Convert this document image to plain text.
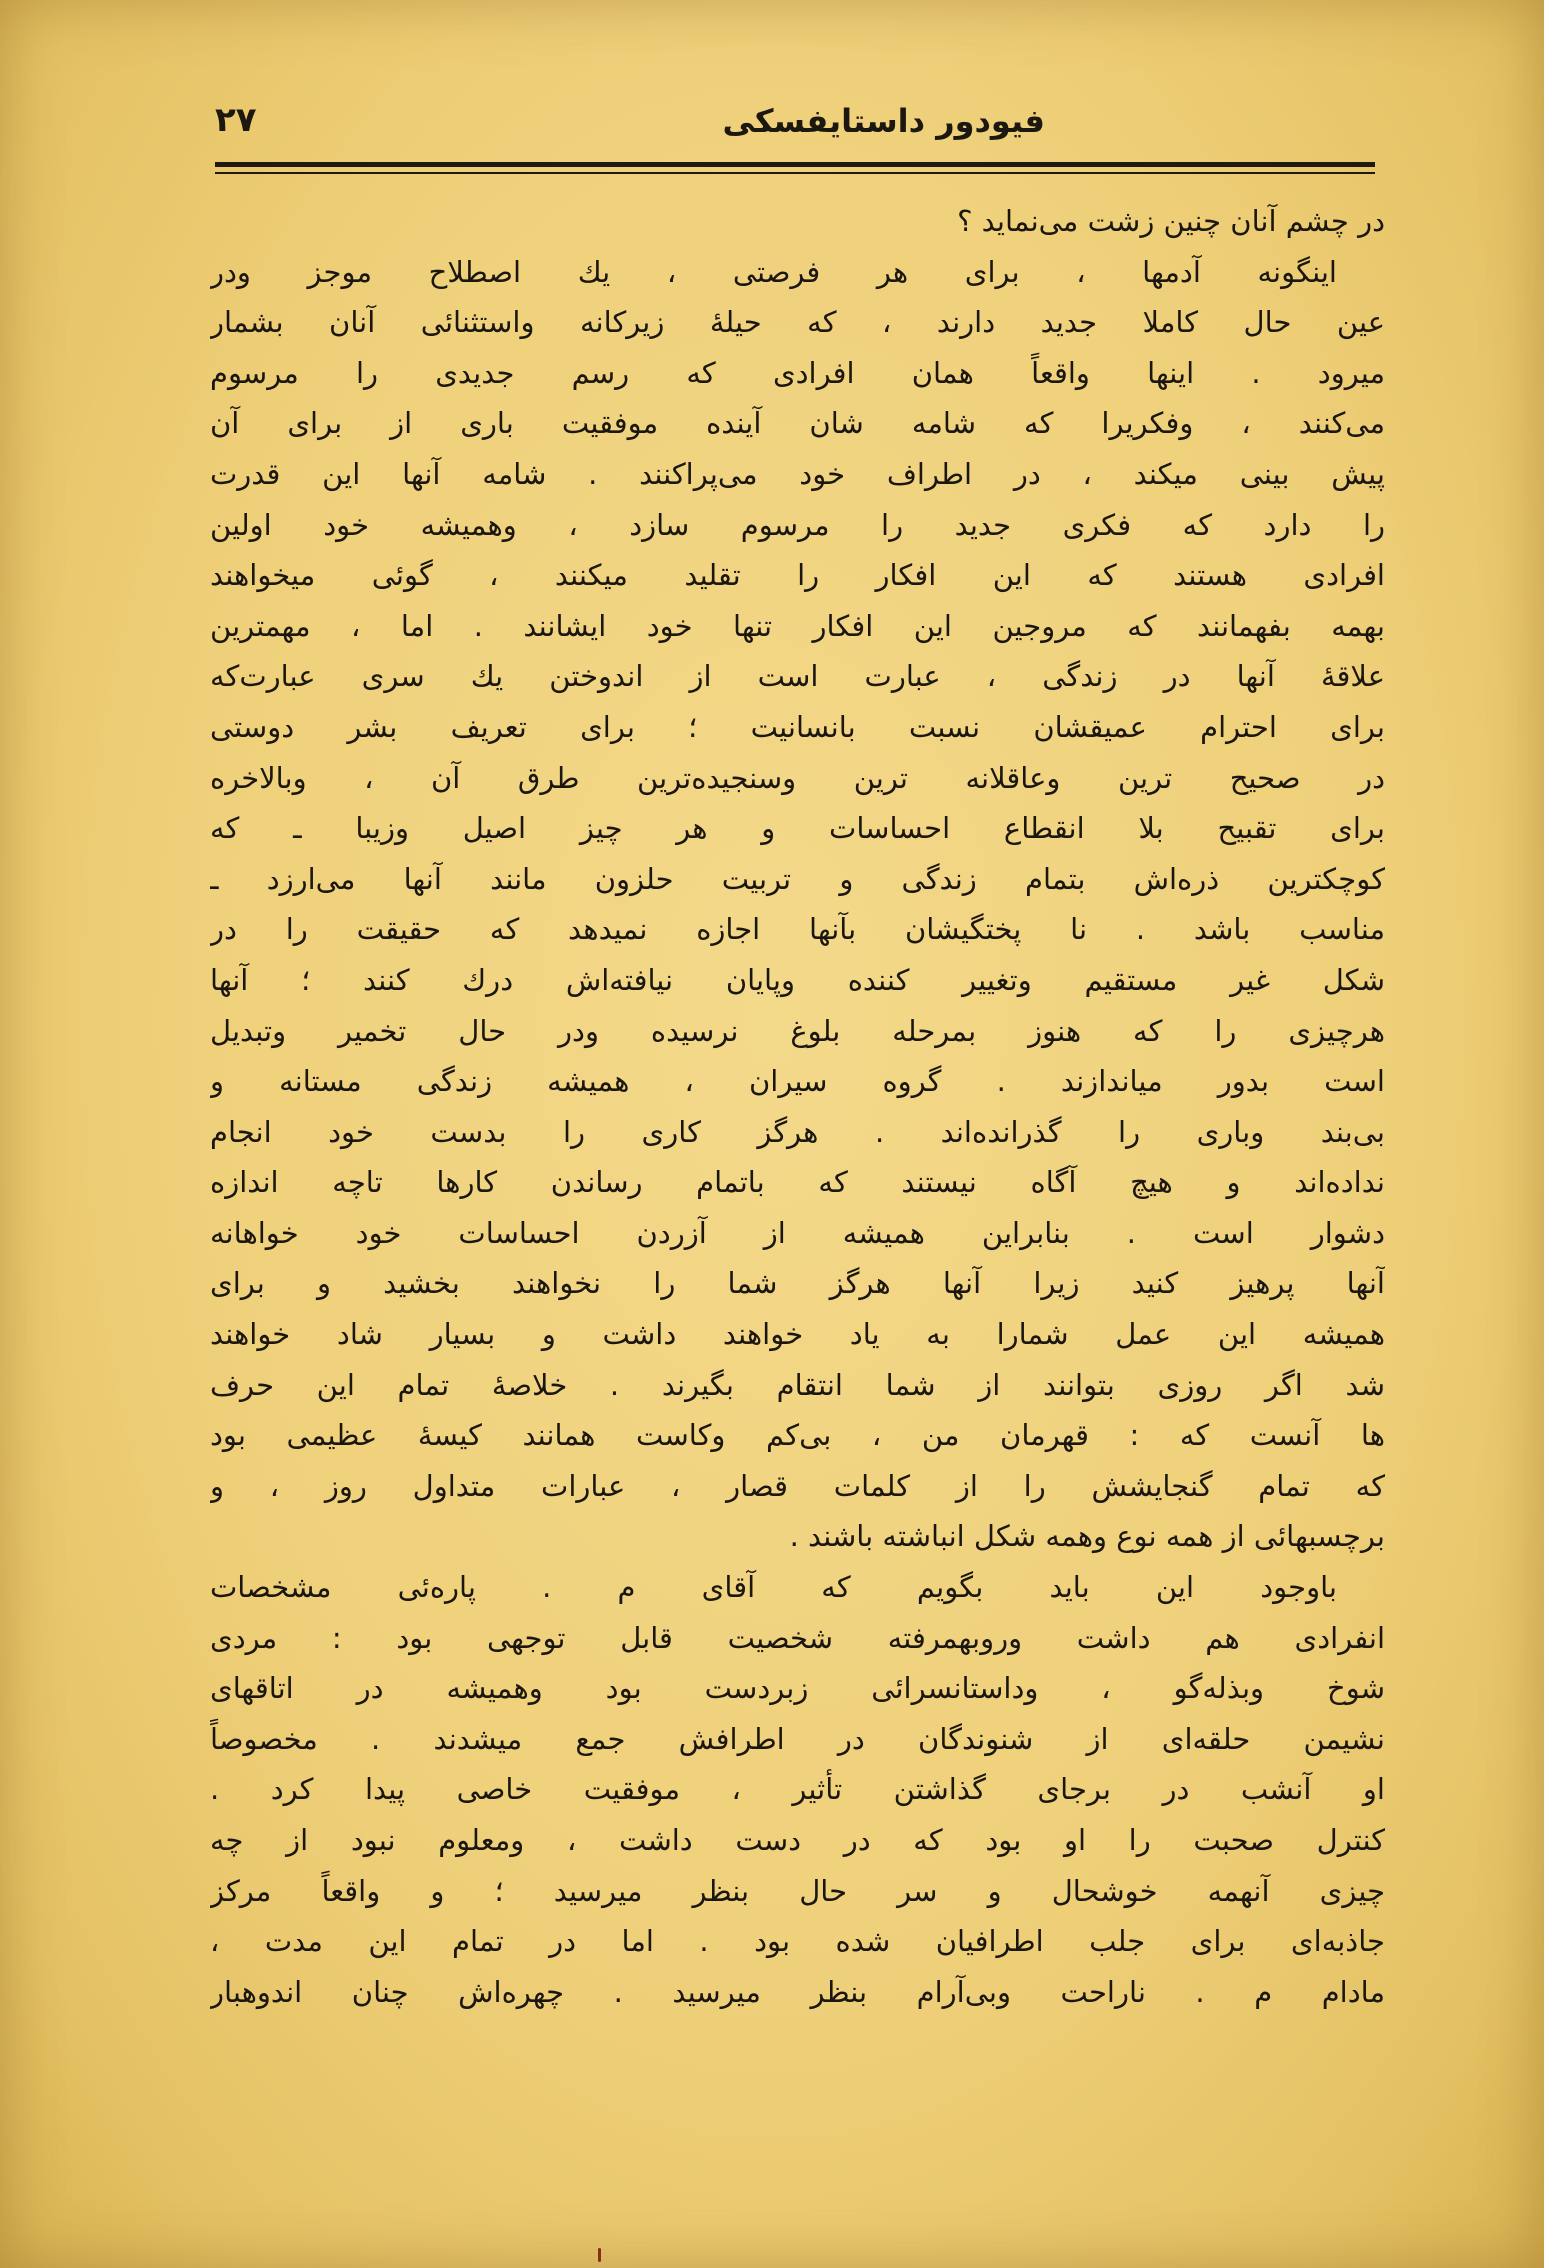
۲۷	فیودور داستایفسکی
در چشم آنان چنین زشت می‌نماید ؟
اینگونه آدمها ، برای هر فرصتی ، یك اصطلاح موجز ودر
عین حال کاملا جدید دارند ، که حیلهٔ زیرکانه واستثنائی آنان بشمار
میرود . اینها واقعاً همان افرادی که رسم جدیدی را مرسوم
می‌کنند ، وفکریرا که شامه شان آینده موفقیت باری از برای آن
پیش بینی میکند ، در اطراف خود می‌پراکنند . شامه آنها این قدرت
را دارد که فکری جدید را مرسوم سازد ، وهمیشه خود اولین
افرادی هستند که این افکار را تقلید میکنند ، گوئی میخواهند
بهمه بفهمانند که مروجین این افکار تنها خود ایشانند . اما ، مهمترین
علاقهٔ آنها در زندگی ، عبارت است از اندوختن یك سری عبارت‌که
برای احترام عمیقشان نسبت بانسانیت ؛ برای تعریف بشر دوستی
در صحیح ترین وعاقلانه ترین وسنجیده‌ترین طرق آن ، وبالاخره
برای تقبیح بلا انقطاع احساسات و هر چیز اصیل وزیبا ـ که
کوچکترین ذره‌اش بتمام زندگی و تربیت حلزون مانند آنها می‌ارزد ـ
مناسب باشد . نا پختگیشان بآنها اجازه نمیدهد که حقیقت را در
شکل غیر مستقیم وتغییر کننده وپایان نیافته‌اش درك کنند ؛ آنها
هرچیزی را که هنوز بمرحله بلوغ نرسیده ودر حال تخمیر وتبدیل
است بدور میاندازند . گروه سیران ، همیشه زندگی مستانه و
بی‌بند وباری را گذرانده‌اند . هرگز کاری را بدست خود انجام
نداده‌اند و هیچ آگاه نیستند که باتمام رساندن کارها تاچه اندازه
دشوار است . بنابراین همیشه از آزردن احساسات خود خواهانه
آنها پرهیز کنید زیرا آنها هرگز شما را نخواهند بخشید و برای
همیشه این عمل شمارا به یاد خواهند داشت و بسیار شاد خواهند
شد اگر روزی بتوانند از شما انتقام بگیرند . خلاصهٔ تمام این حرف
ها آنست که : قهرمان من ، بی‌کم وکاست همانند کیسهٔ عظیمی بود
که تمام گنجایشش را از کلمات قصار ، عبارات متداول روز ، و
برچسبهائی از همه نوع وهمه شکل انباشته باشند .
باوجود این باید بگویم که آقای م . پاره‌ئی مشخصات
انفرادی هم داشت وروبهمرفته شخصیت قابل توجهی بود : مردی
شوخ وبذله‌گو ، وداستانسرائی زبردست بود وهمیشه در اتاقهای
نشیمن حلقه‌ای از شنوندگان در اطرافش جمع میشدند . مخصوصاً
او آنشب در برجای گذاشتن تأثیر ، موفقیت خاصی پیدا کرد .
کنترل صحبت را او بود که در دست داشت ، ومعلوم نبود از چه
چیزی آنهمه خوشحال و سر حال بنظر میرسید ؛ و واقعاً مرکز
جاذبه‌ای برای جلب اطرافیان شده بود . اما در تمام این مدت ،
مادام م . ناراحت وبی‌آرام بنظر میرسید . چهره‌اش چنان اندوهبار
